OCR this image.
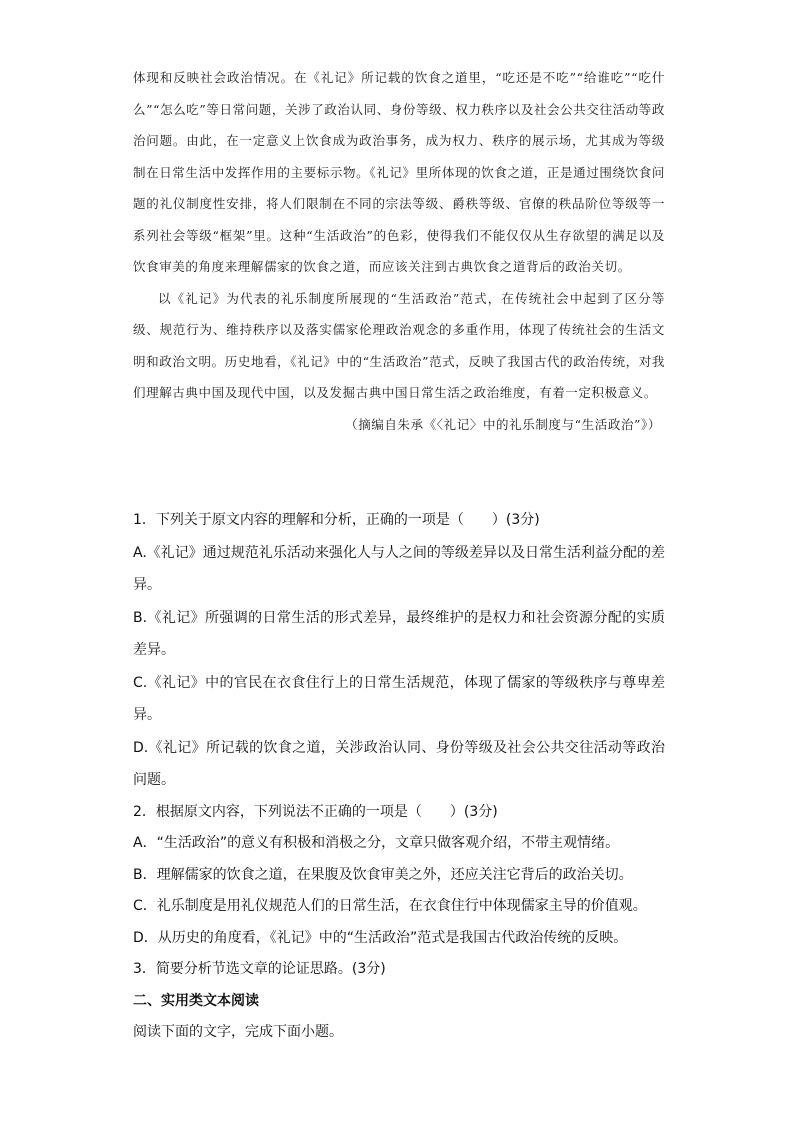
体现和反映社会政治情况。在《礼记》所记载的饮食之道里，“吃还是不吃”“给谁吃”“吃什么”“怎么吃”等日常问题，关涉了政治认同、身份等级、权力秩序以及社会公共交往活动等政治问题。由此，在一定意义上饮食成为政治事务，成为权力、秩序的展示场，尤其成为等级制在日常生活中发挥作用的主要标示物。《礼记》里所体现的饮食之道，正是通过围绕饮食问题的礼仪制度性安排，将人们限制在不同的宗法等级、爵秩等级、官僚的秩品阶位等级等一系列社会等级“框架”里。这种“生活政治”的色彩，使得我们不能仅仅从生存欲望的满足以及饮食审美的角度来理解儒家的饮食之道，而应该关注到古典饮食之道背后的政治关切。

以《礼记》为代表的礼乐制度所展现的“生活政治”范式，在传统社会中起到了区分等级、规范行为、维持秩序以及落实儒家伦理政治观念的多重作用，体现了传统社会的生活文明和政治文明。历史地看，《礼记》中的“生活政治”范式，反映了我国古代的政治传统，对我们理解古典中国及现代中国，以及发掘古典中国日常生活之政治维度，有着一定积极意义。

（摘编自朱承《〈礼记〉中的礼乐制度与“生活政治”》）

1．下列关于原文内容的理解和分析，正确的一项是（　　）(3分)

A.《礼记》通过规范礼乐活动来强化人与人之间的等级差异以及日常生活利益分配的差异。

B.《礼记》所强调的日常生活的形式差异，最终维护的是权力和社会资源分配的实质差异。

C.《礼记》中的官民在衣食住行上的日常生活规范，体现了儒家的等级秩序与尊卑差异。

D.《礼记》所记载的饮食之道，关涉政治认同、身份等级及社会公共交往活动等政治问题。

2．根据原文内容，下列说法不正确的一项是（　　）(3分)

A．“生活政治”的意义有积极和消极之分，文章只做客观介绍，不带主观情绪。

B．理解儒家的饮食之道，在果腹及饮食审美之外，还应关注它背后的政治关切。

C．礼乐制度是用礼仪规范人们的日常生活，在衣食住行中体现儒家主导的价值观。

D．从历史的角度看，《礼记》中的“生活政治”范式是我国古代政治传统的反映。

3．简要分析节选文章的论证思路。(3分)

二、实用类文本阅读

阅读下面的文字，完成下面小题。
